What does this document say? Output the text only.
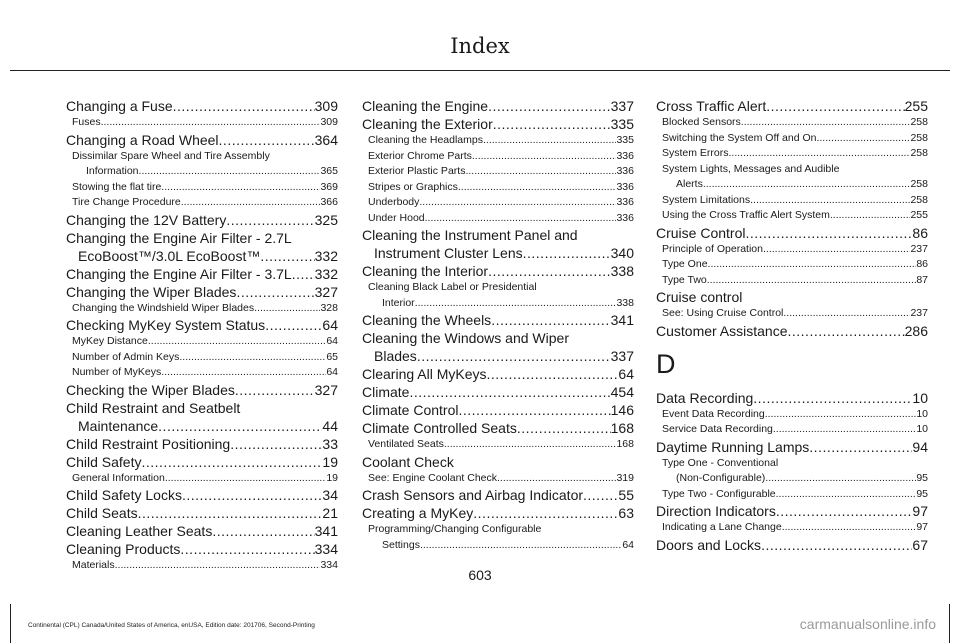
Index
Changing a Fuse .....	309
Fuses .....	309
Changing a Road Wheel .....	364
Dissimilar Spare Wheel and Tire Assembly
Information .....	365
Stowing the flat tire .....	369
Tire Change Procedure .....	366
Changing the 12V Battery .....	325
Changing the Engine Air Filter - 2.7L
EcoBoost™/3.0L EcoBoost™ .....	332
Changing the Engine Air Filter - 3.7L ..... 332
Changing the Wiper Blades .....	327
Changing the Windshield Wiper Blades .....	328
Checking MyKey System Status .....	64
MyKey Distance .....	64
Number of Admin Keys .....	65
Number of MyKeys .....	64
Checking the Wiper Blades .....	327
Child Restraint and Seatbelt
Maintenance .....	44
Child Restraint Positioning .....	33
Child Safety .....	19
General Information .....	19
Child Safety Locks .....	34
Child Seats .....	21
Cleaning Leather Seats .....	341
Cleaning Products .....	334
Materials .....	334
Cleaning the Engine .....	337
Cleaning the Exterior .....	335
Cleaning the Headlamps .....	335
Exterior Chrome Parts .....	336
Exterior Plastic Parts .....	336
Stripes or Graphics .....	336
Underbody .....	336
Under Hood .....	336
Cleaning the Instrument Panel and
Instrument Cluster Lens .....	340
Cleaning the Interior .....	338
Cleaning Black Label or Presidential
Interior .....	338
Cleaning the Wheels .....	341
Cleaning the Windows and Wiper
Blades .....	337
Clearing All MyKeys .....	64
Climate .....	454
Climate Control .....	146
Climate Controlled Seats .....	168
Ventilated Seats .....	168
Coolant Check
See: Engine Coolant Check .....	319
Crash Sensors and Airbag Indicator .....	55
Creating a MyKey .....	63
Programming/Changing Configurable
Settings .....	64
Cross Traffic Alert .....	255
Blocked Sensors .....	258
Switching the System Off and On .....	258
System Errors .....	258
System Lights, Messages and Audible
Alerts .....	258
System Limitations .....	258
Using the Cross Traffic Alert System .....	255
Cruise Control .....	86
Principle of Operation .....	237
Type One .....	86
Type Two .....	87
Cruise control
See: Using Cruise Control .....	237
Customer Assistance .....	286
D
Data Recording .....	10
Event Data Recording .....	10
Service Data Recording .....	10
Daytime Running Lamps .....	94
Type One - Conventional
(Non-Configurable) .....	95
Type Two - Configurable .....	95
Direction Indicators .....	97
Indicating a Lane Change .....	97
Doors and Locks .....	67
603
Continental (CPL) Canada/United States of America, enUSA, Edition date: 201706, Second-Printing	carmanualsonline.info
